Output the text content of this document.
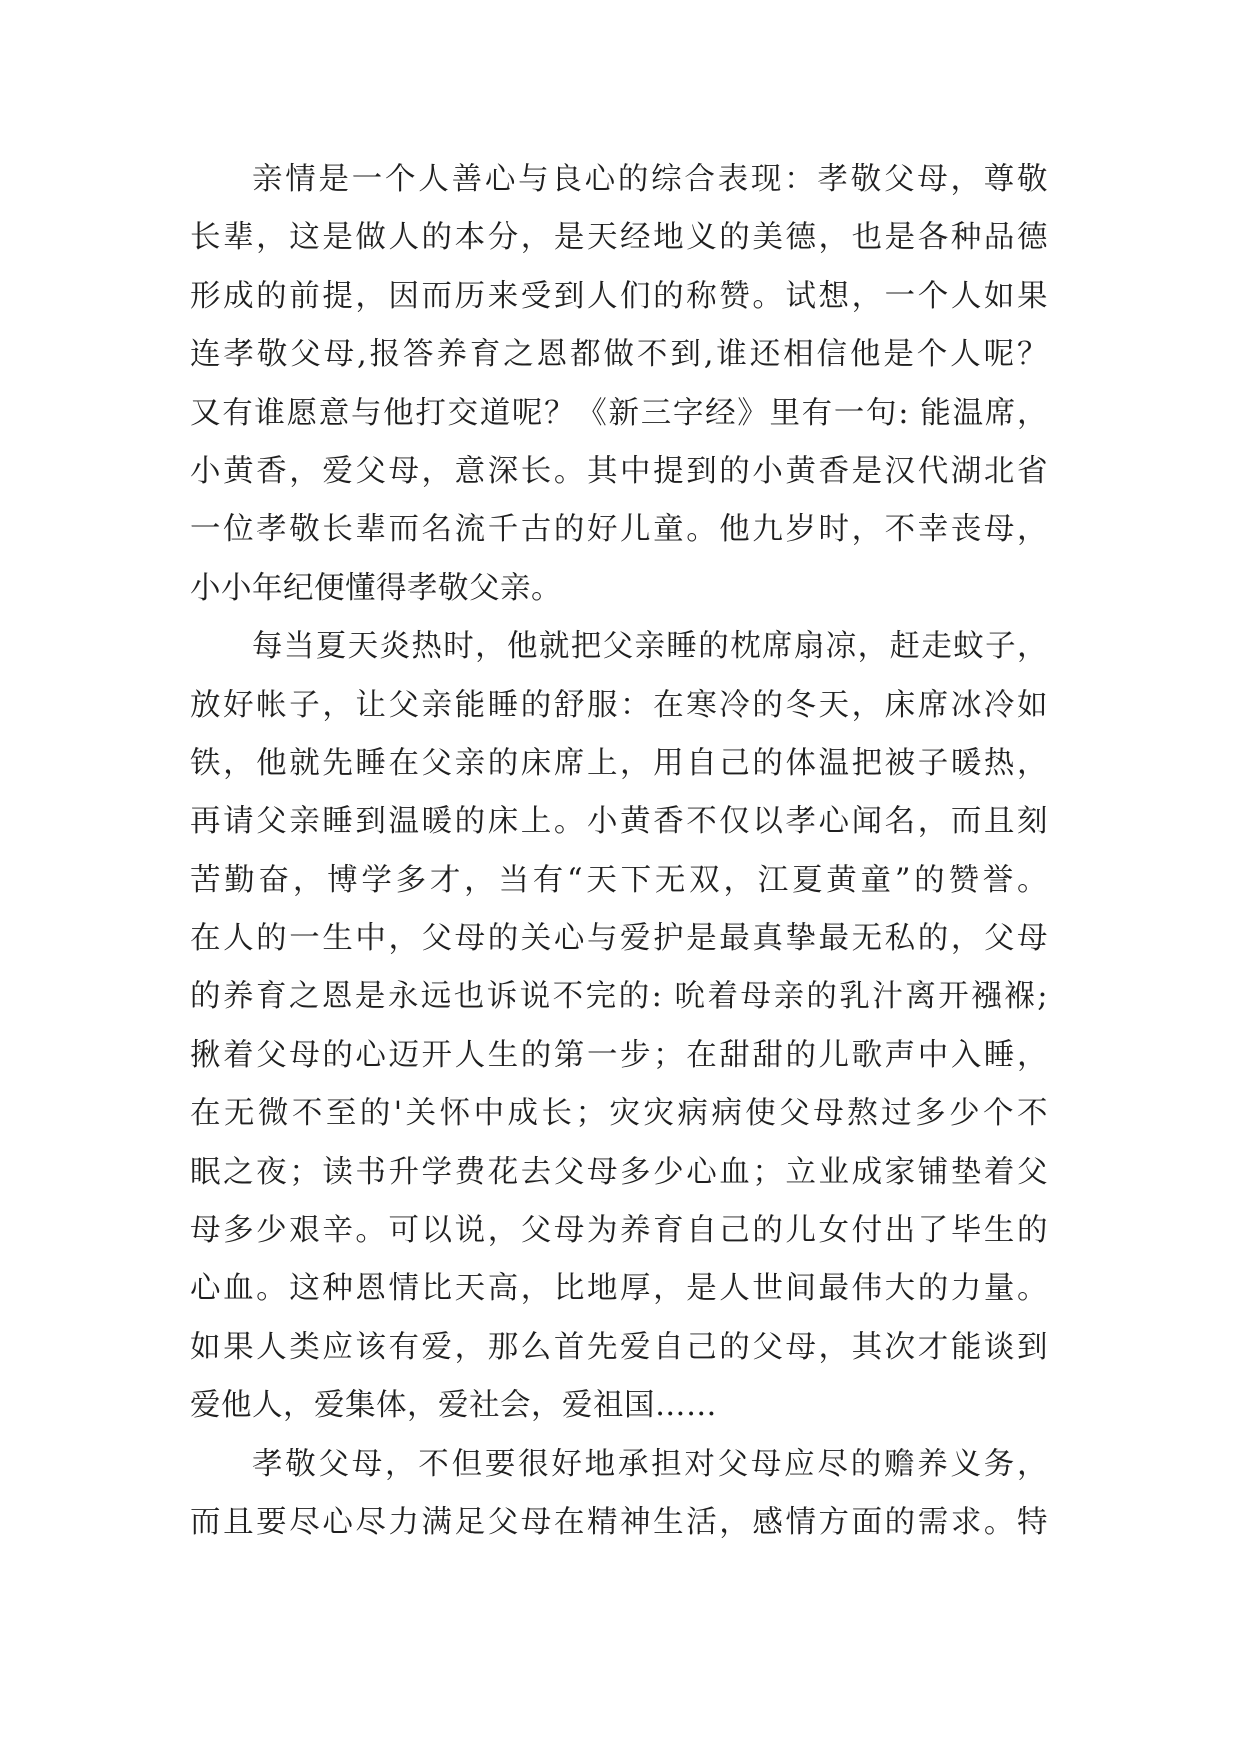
亲情是一个人善心与良心的综合表现：孝敬父母，尊敬
长辈，这是做人的本分，是天经地义的美德，也是各种品德
形成的前提，因而历来受到人们的称赞。试想，一个人如果
连孝敬父母,报答养育之恩都做不到,谁还相信他是个人呢？
又有谁愿意与他打交道呢？《新三字经》里有一句: 能温席，
小黄香，爱父母，意深长。其中提到的小黄香是汉代湖北省
一位孝敬长辈而名流千古的好儿童。他九岁时，不幸丧母，
小小年纪便懂得孝敬父亲。
每当夏天炎热时，他就把父亲睡的枕席扇凉，赶走蚊子，
放好帐子，让父亲能睡的舒服：在寒冷的冬天，床席冰冷如
铁，他就先睡在父亲的床席上，用自己的体温把被子暖热，
再请父亲睡到温暖的床上。小黄香不仅以孝心闻名，而且刻
苦勤奋，博学多才，当有“天下无双，江夏黄童”的赞誉。
在人的一生中，父母的关心与爱护是最真挚最无私的，父母
的养育之恩是永远也诉说不完的: 吮着母亲的乳汁离开襁褓;
揪着父母的心迈开人生的第一步；在甜甜的儿歌声中入睡，
在无微不至的'关怀中成长；灾灾病病使父母熬过多少个不
眠之夜；读书升学费花去父母多少心血；立业成家铺垫着父
母多少艰辛。可以说，父母为养育自己的儿女付出了毕生的
心血。这种恩情比天高，比地厚，是人世间最伟大的力量。
如果人类应该有爱，那么首先爱自己的父母，其次才能谈到
爱他人，爱集体，爱社会，爱祖国……
孝敬父母，不但要很好地承担对父母应尽的赡养义务，
而且要尽心尽力满足父母在精神生活，感情方面的需求。特
